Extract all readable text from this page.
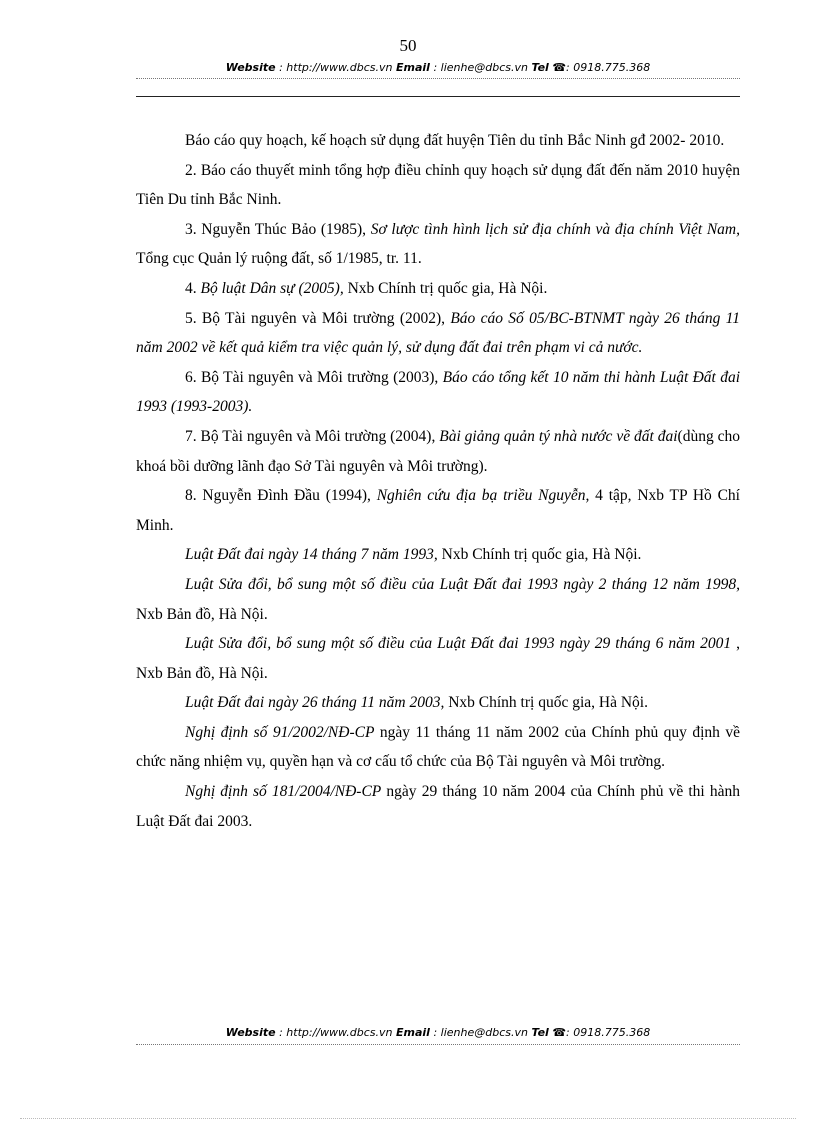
50
Website : http://www.dbcs.vn Email : lienhe@dbcs.vn Tel ☎: 0918.775.368

Báo cáo quy hoạch, kế hoạch sử dụng đất huyện Tiên du tỉnh Bắc Ninh gđ 2002- 2010.

2. Báo cáo thuyết minh tổng hợp điều chỉnh quy hoạch sử dụng đất đến năm 2010 huyện Tiên Du tỉnh Bắc Ninh.

3. Nguyễn Thúc Bảo (1985), Sơ lược tình hình lịch sử địa chính và địa chính Việt Nam, Tổng cục Quản lý ruộng đất, số 1/1985, tr. 11.

4. Bộ luật Dân sự (2005), Nxb Chính trị quốc gia, Hà Nội.

5. Bộ Tài nguyên và Môi trường (2002), Báo cáo Số 05/BC-BTNMT ngày 26 tháng 11 năm 2002 về kết quả kiểm tra việc quản lý, sử dụng đất đai trên phạm vi cả nước.

6. Bộ Tài nguyên và Môi trường (2003), Báo cáo tổng kết 10 năm thi hành Luật Đất đai 1993 (1993-2003).

7. Bộ Tài nguyên và Môi trường (2004), Bài giảng quản tý nhà nước về đất đai(dùng cho khoá bồi dưỡng lãnh đạo Sở Tài nguyên và Môi trường).

8. Nguyễn Đình Đầu (1994), Nghiên cứu địa bạ triều Nguyễn, 4 tập, Nxb TP Hồ Chí Minh.

Luật Đất đai ngày 14 tháng 7 năm 1993, Nxb Chính trị quốc gia, Hà Nội.

Luật Sửa đổi, bổ sung một số điều của Luật Đất đai 1993 ngày 2 tháng 12 năm 1998, Nxb Bản đồ, Hà Nội.

Luật Sửa đổi, bổ sung một số điều của Luật Đất đai 1993 ngày 29 tháng 6 năm 2001 , Nxb Bản đồ, Hà Nội.

Luật Đất đai ngày 26 tháng 11 năm 2003, Nxb Chính trị quốc gia, Hà Nội.

Nghị định số 91/2002/NĐ-CP ngày 11 tháng 11 năm 2002 của Chính phủ quy định về chức năng nhiệm vụ, quyền hạn và cơ cấu tổ chức của Bộ Tài nguyên và Môi trường.

Nghị định số 181/2004/NĐ-CP ngày 29 tháng 10 năm 2004 của Chính phủ về thi hành Luật Đất đai 2003.

Website : http://www.dbcs.vn Email : lienhe@dbcs.vn Tel ☎: 0918.775.368
